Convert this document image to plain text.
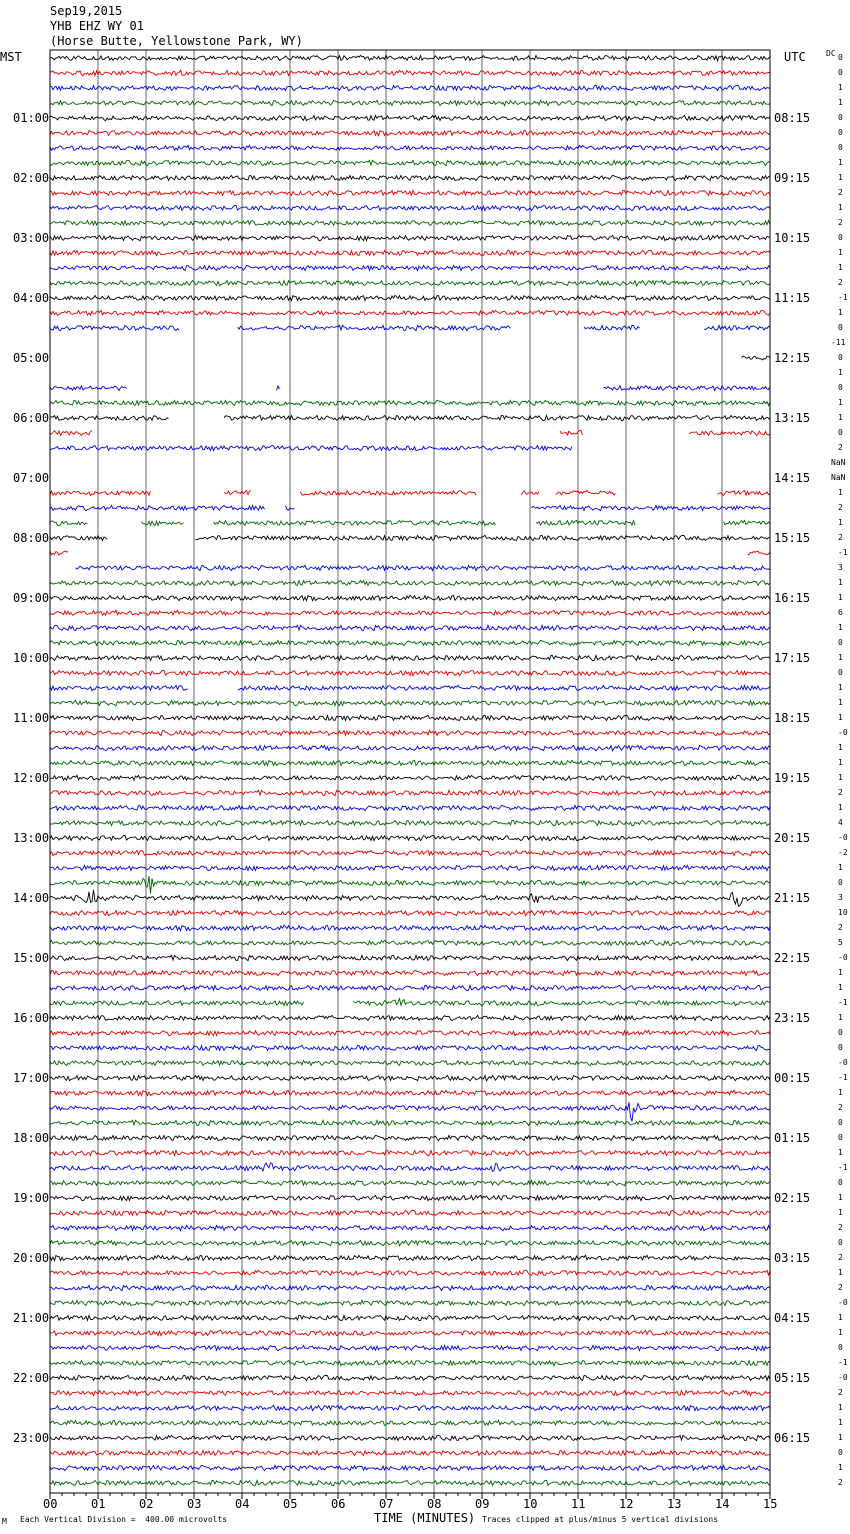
Sep19,2015
YHB EHZ WY 01
(Horse Butte, Yellowstone Park, WY)
MST	UTC	DC
01:00
02:00
03:00
04:00
05:00
06:00
07:00
08:00
09:00
10:00
11:00
12:00
13:00
14:00
15:00
16:00
17:00
18:00
19:00
20:00
21:00
22:00
23:00
08:15
09:15
10:15
11:15
12:15
13:15
14:15
15:15
16:15
17:15
18:15
19:15
20:15
21:15
22:15
23:15
00:15
01:15
02:15
03:15
04:15
05:15
06:15
0
0
1
1
0
0
0
1
1
2
1
2
0
1
1
2
-1
1
0
-11
0
1
0
1
1
0
2
NaN
NaN
1
2
1
2
-1
3
1
1
6
1
0
1
0
1
1
1
-0
1
1
1
2
1
4
-0
-2
1
0
3
10
2
5
-0
1
1
-1
1
0
0
-0
-1
1
2
0
0
1
-1
0
1
1
2
0
2
1
2
-0
1
1
0
-1
-0
2
1
1
1
0
1
2
00	01	02	03	04	05	06	07	08	09	10	11	12	13	14	15
M Each Vertical Division =  400.00 microvolts	TIME (MINUTES) Traces clipped at plus/minus 5 vertical divisions
